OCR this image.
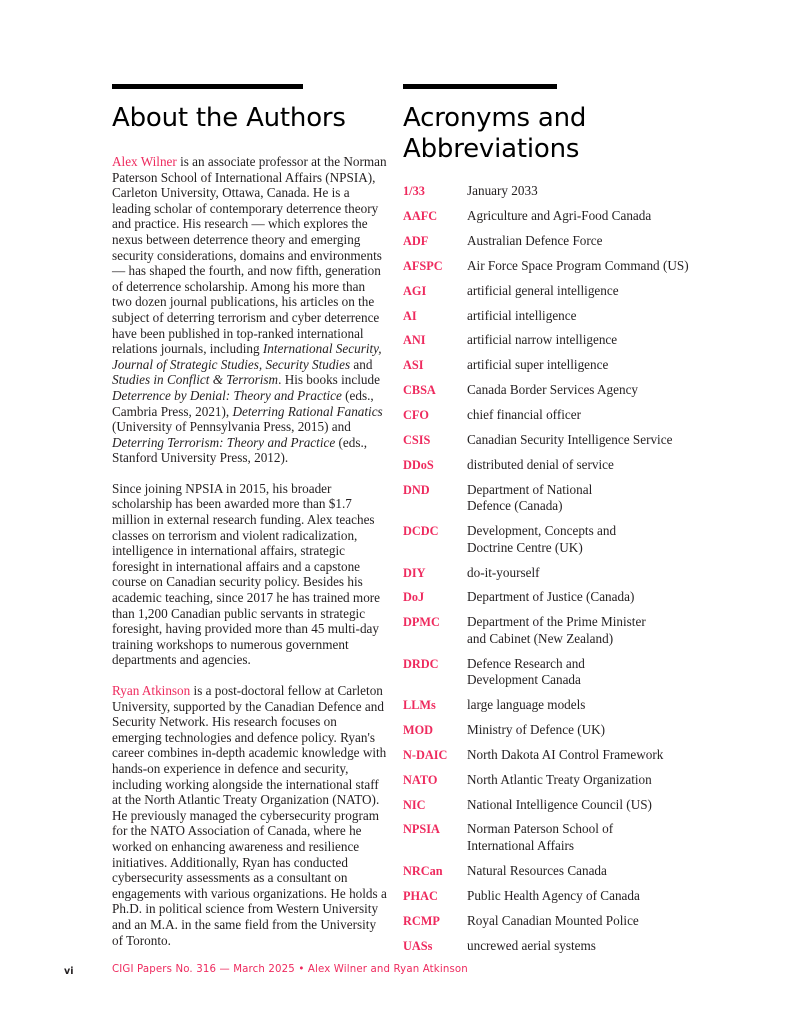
About the Authors

Alex Wilner is an associate professor at the Norman Paterson School of International Affairs (NPSIA), Carleton University, Ottawa, Canada. He is a leading scholar of contemporary deterrence theory and practice. His research — which explores the nexus between deterrence theory and emerging security considerations, domains and environments — has shaped the fourth, and now fifth, generation of deterrence scholarship. Among his more than two dozen journal publications, his articles on the subject of deterring terrorism and cyber deterrence have been published in top-ranked international relations journals, including International Security, Journal of Strategic Studies, Security Studies and Studies in Conflict & Terrorism. His books include Deterrence by Denial: Theory and Practice (eds., Cambria Press, 2021), Deterring Rational Fanatics (University of Pennsylvania Press, 2015) and Deterring Terrorism: Theory and Practice (eds., Stanford University Press, 2012).

Since joining NPSIA in 2015, his broader scholarship has been awarded more than $1.7 million in external research funding. Alex teaches classes on terrorism and violent radicalization, intelligence in international affairs, strategic foresight in international affairs and a capstone course on Canadian security policy. Besides his academic teaching, since 2017 he has trained more than 1,200 Canadian public servants in strategic foresight, having provided more than 45 multi-day training workshops to numerous government departments and agencies.

Ryan Atkinson is a post-doctoral fellow at Carleton University, supported by the Canadian Defence and Security Network. His research focuses on emerging technologies and defence policy. Ryan's career combines in-depth academic knowledge with hands-on experience in defence and security, including working alongside the international staff at the North Atlantic Treaty Organization (NATO). He previously managed the cybersecurity program for the NATO Association of Canada, where he worked on enhancing awareness and resilience initiatives. Additionally, Ryan has conducted cybersecurity assessments as a consultant on engagements with various organizations. He holds a Ph.D. in political science from Western University and an M.A. in the same field from the University of Toronto.

Acronyms and
Abbreviations
1/33	January 2033
AAFC	Agriculture and Agri-Food Canada
ADF	Australian Defence Force
AFSPC	Air Force Space Program Command (US)
AGI	artificial general intelligence
AI	artificial intelligence
ANI	artificial narrow intelligence
ASI	artificial super intelligence
CBSA	Canada Border Services Agency
CFO	chief financial officer
CSIS	Canadian Security Intelligence Service
DDoS	distributed denial of service
DND	Department of National
Defence (Canada)
DCDC	Development, Concepts and
Doctrine Centre (UK)
DIY	do-it-yourself
DoJ	Department of Justice (Canada)
DPMC	Department of the Prime Minister
and Cabinet (New Zealand)
DRDC	Defence Research and
Development Canada
LLMs	large language models
MOD	Ministry of Defence (UK)
N-DAIC	North Dakota AI Control Framework
NATO	North Atlantic Treaty Organization
NIC	National Intelligence Council (US)
NPSIA	Norman Paterson School of
International Affairs
NRCan	Natural Resources Canada
PHAC	Public Health Agency of Canada
RCMP	Royal Canadian Mounted Police
UASs	uncrewed aerial systems
vi	CIGI Papers No. 316 — March 2025 • Alex Wilner and Ryan Atkinson
